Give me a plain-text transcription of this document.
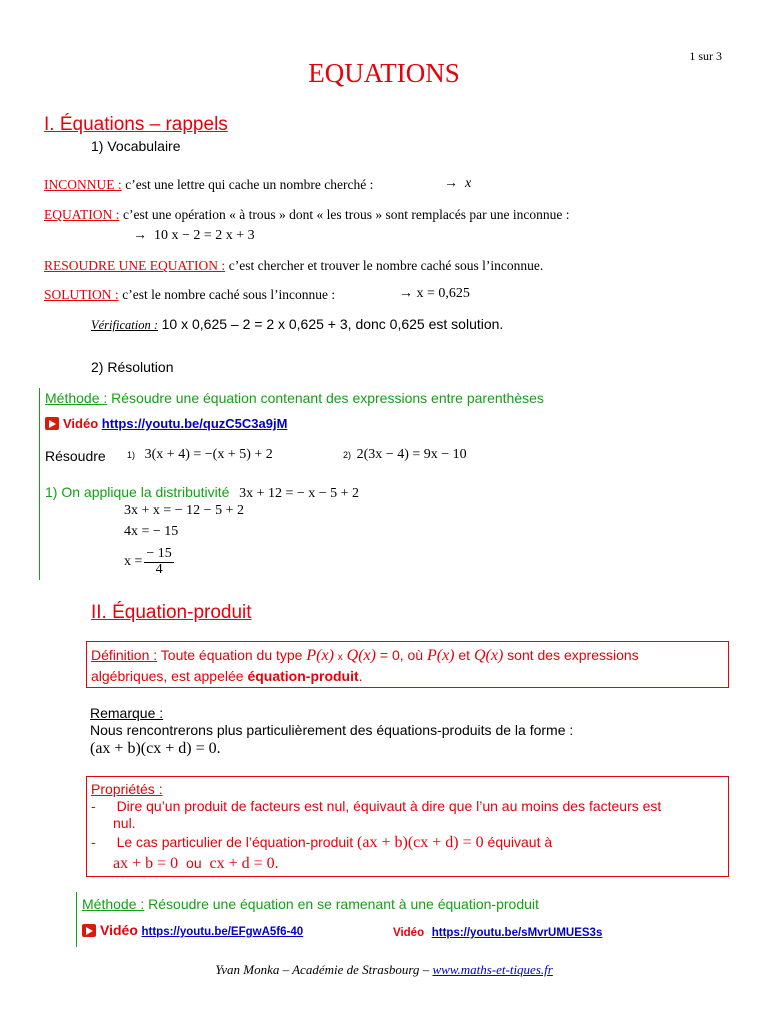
1 sur 3
EQUATIONS
I. Équations – rappels
1) Vocabulaire
INCONNUE : c’est une lettre qui cache un nombre cherché :	→ x
EQUATION : c’est une opération « à trous » dont « les trous » sont remplacés par une inconnue :
→ 10 x − 2 = 2 x + 3
RESOUDRE UNE EQUATION : c’est chercher et trouver le nombre caché sous l’inconnue.
SOLUTION : c’est le nombre caché sous l’inconnue :	→ x = 0,625
Vérification : 10 x 0,625 – 2 = 2 x 0,625 + 3, donc 0,625 est solution.
2) Résolution
Méthode : Résoudre une équation contenant des expressions entre parenthèses
Vidéo https://youtu.be/quzC5C3a9jM
Résoudre 1) 3(x + 4) = −(x + 5) + 2	2) 2(3x − 4) = 9x − 10
1) On applique la distributivité 3x + 12 = − x − 5 + 2
3x + x = − 12 − 5 + 2
4x = − 15
$x = \frac{- 15}{4}$
II. Équation-produit
Définition : Toute équation du type P(x) x Q(x) = 0, où P(x) et Q(x) sont des expressions
algébriques, est appelée équation-produit.
Remarque :
Nous rencontrerons plus particulièrement des équations-produits de la forme :
(ax + b)(cx + d) = 0.
Propriétés :
- Dire qu’un produit de facteurs est nul, équivaut à dire que l’un au moins des facteurs est
nul.
- Le cas particulier de l’équation-produit (ax + b)(cx + d) = 0 équivaut à
ax + b = 0 ou cx + d = 0.
Méthode : Résoudre une équation en se ramenant à une équation-produit
Vidéo https://youtu.be/EFgwA5f6-40	Vidéo https://youtu.be/sMvrUMUES3s
Yvan Monka – Académie de Strasbourg – www.maths-et-tiques.fr
